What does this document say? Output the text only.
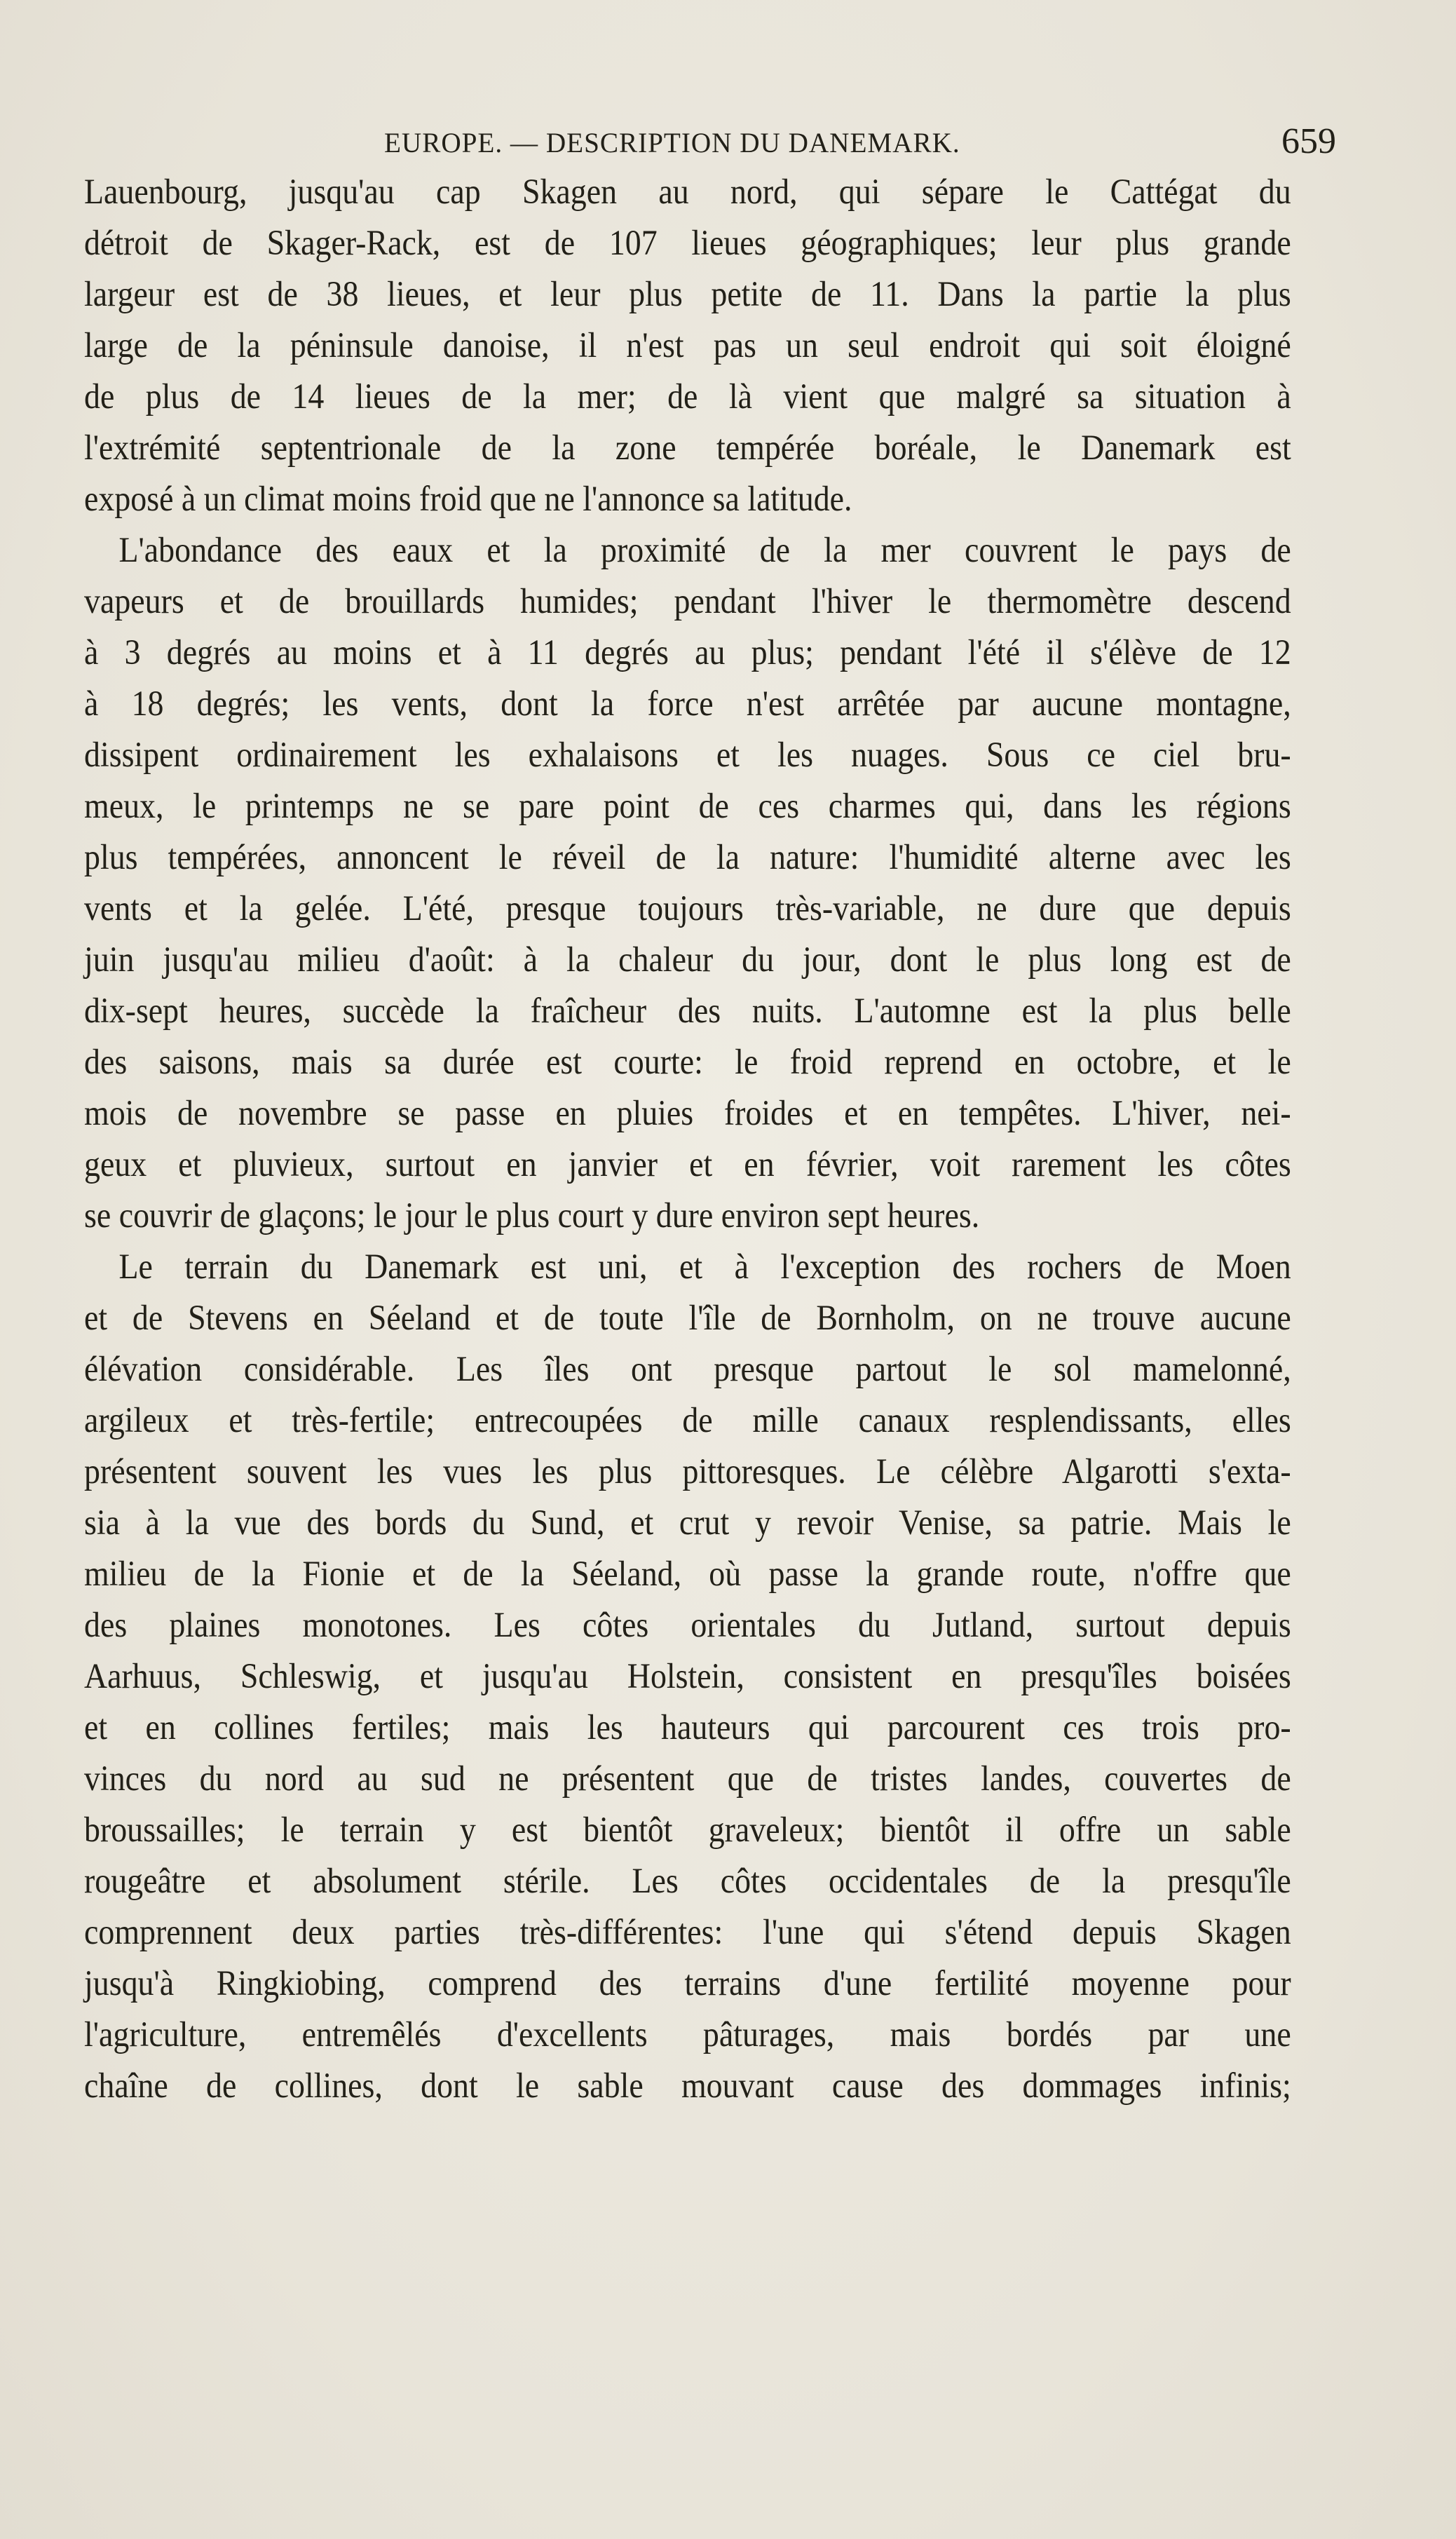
EUROPE. — DESCRIPTION DU DANEMARK.	659
Lauenbourg, jusqu'au cap Skagen au nord, qui sépare le Cattégat du
détroit de Skager-Rack, est de 107 lieues géographiques; leur plus grande
largeur est de 38 lieues, et leur plus petite de 11. Dans la partie la plus
large de la péninsule danoise, il n'est pas un seul endroit qui soit éloigné
de plus de 14 lieues de la mer; de là vient que malgré sa situation à
l'extrémité septentrionale de la zone tempérée boréale, le Danemark est
exposé à un climat moins froid que ne l'annonce sa latitude.
L'abondance des eaux et la proximité de la mer couvrent le pays de
vapeurs et de brouillards humides; pendant l'hiver le thermomètre descend
à 3 degrés au moins et à 11 degrés au plus; pendant l'été il s'élève de 12
à 18 degrés; les vents, dont la force n'est arrêtée par aucune montagne,
dissipent ordinairement les exhalaisons et les nuages. Sous ce ciel bru-
meux, le printemps ne se pare point de ces charmes qui, dans les régions
plus tempérées, annoncent le réveil de la nature: l'humidité alterne avec les
vents et la gelée. L'été, presque toujours très-variable, ne dure que depuis
juin jusqu'au milieu d'août: à la chaleur du jour, dont le plus long est de
dix-sept heures, succède la fraîcheur des nuits. L'automne est la plus belle
des saisons, mais sa durée est courte: le froid reprend en octobre, et le
mois de novembre se passe en pluies froides et en tempêtes. L'hiver, nei-
geux et pluvieux, surtout en janvier et en février, voit rarement les côtes
se couvrir de glaçons; le jour le plus court y dure environ sept heures.
Le terrain du Danemark est uni, et à l'exception des rochers de Moen
et de Stevens en Séeland et de toute l'île de Bornholm, on ne trouve aucune
élévation considérable. Les îles ont presque partout le sol mamelonné,
argileux et très-fertile; entrecoupées de mille canaux resplendissants, elles
présentent souvent les vues les plus pittoresques. Le célèbre Algarotti s'exta-
sia à la vue des bords du Sund, et crut y revoir Venise, sa patrie. Mais le
milieu de la Fionie et de la Séeland, où passe la grande route, n'offre que
des plaines monotones. Les côtes orientales du Jutland, surtout depuis
Aarhuus, Schleswig, et jusqu'au Holstein, consistent en presqu'îles boisées
et en collines fertiles; mais les hauteurs qui parcourent ces trois pro-
vinces du nord au sud ne présentent que de tristes landes, couvertes de
broussailles; le terrain y est bientôt graveleux; bientôt il offre un sable
rougeâtre et absolument stérile. Les côtes occidentales de la presqu'île
comprennent deux parties très-différentes: l'une qui s'étend depuis Skagen
jusqu'à Ringkiobing, comprend des terrains d'une fertilité moyenne pour
l'agriculture, entremêlés d'excellents pâturages, mais bordés par une
chaîne de collines, dont le sable mouvant cause des dommages infinis;
